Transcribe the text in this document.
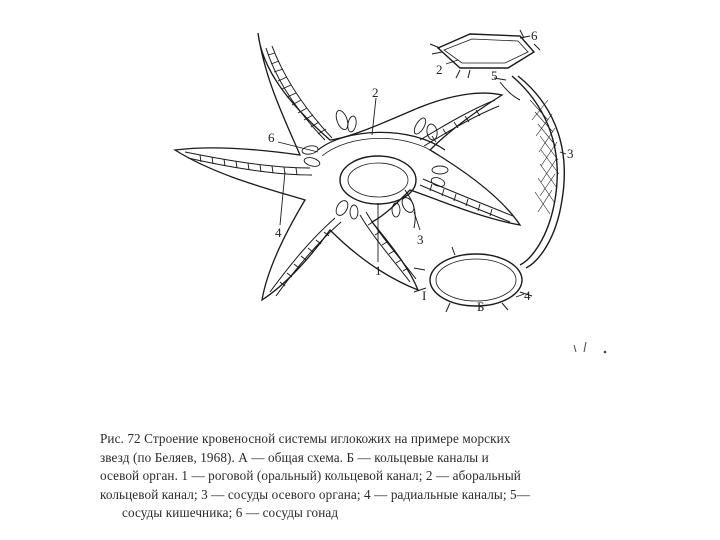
2
6
4
1
3
6
2	5
3
I	4
Б
Рис. 72 Строение кровеносной системы иглокожих на примере морских
звезд (по Беляев, 1968). А — общая схема. Б — кольцевые каналы и
осевой орган. 1 — роговой (оральный) кольцевой канал; 2 — аборальный
кольцевой канал; 3 — сосуды осевого органа; 4 — радиальные каналы; 5—
сосуды кишечника; 6 — сосуды гонад
